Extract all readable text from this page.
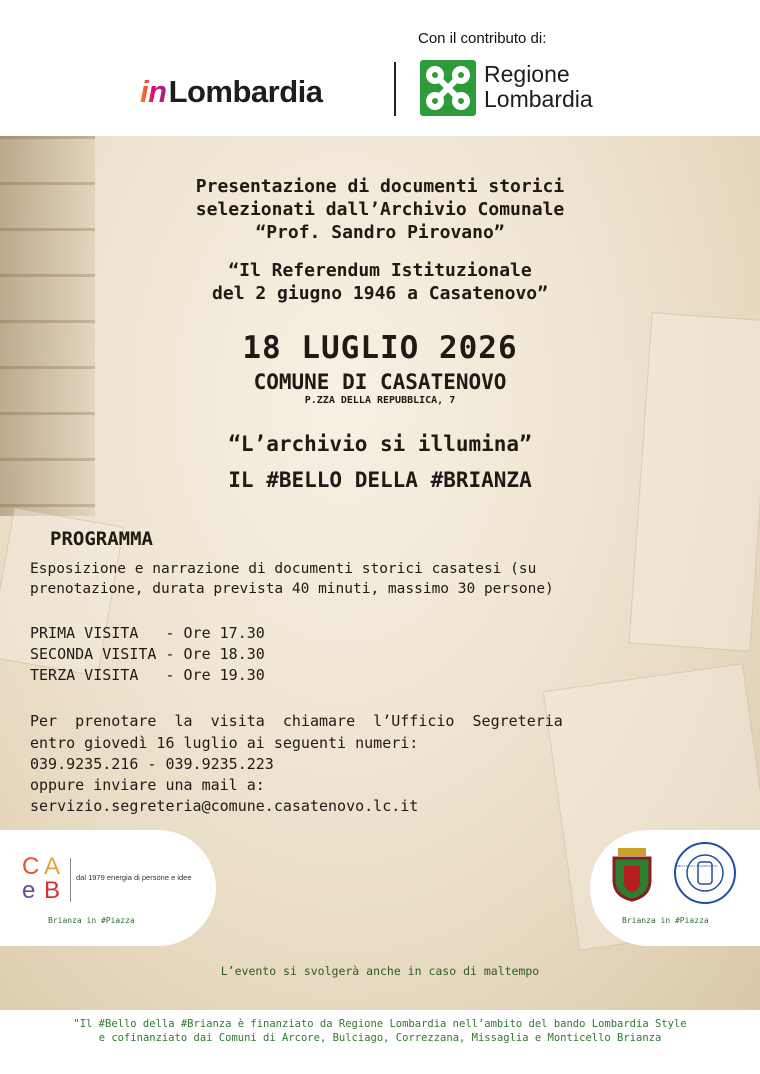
Con il contributo di:
inLombardia	Regione
Lombardia
Presentazione di documenti storici
selezionati dall’Archivio Comunale
“Prof. Sandro Pirovano”
“Il Referendum Istituzionale
del 2 giugno 1946 a Casatenovo”
18 LUGLIO 2026
COMUNE DI CASATENOVO
P.ZZA DELLA REPUBBLICA, 7
“L’archivio si illumina”
IL #BELLO DELLA #BRIANZA
PROGRAMMA
Esposizione e narrazione di documenti storici casatesi (su
prenotazione, durata prevista 40 minuti, massimo 30 persone)
PRIMA VISITA   - Ore 17.30
SECONDA VISITA - Ore 18.30
TERZA VISITA   - Ore 19.30
Per  prenotare  la  visita  chiamare  l’Ufficio  Segreteria
entro giovedì 16 luglio ai seguenti numeri:
039.9235.216 - 039.9235.223
oppure inviare una mail a:
servizio.segreteria@comune.casatenovo.lc.it
L’evento si svolgerà anche in caso di maltempo
C A
e B dal 1979 energia di persone e idee
Brianza in #Piazza
PRO LOCO CASATENOVO
Brianza in #Piazza
"Il #Bello della #Brianza è finanziato da Regione Lombardia nell’ambito del bando Lombardia Style
e cofinanziato dai Comuni di Arcore, Bulciago, Correzzana, Missaglia e Monticello Brianza
